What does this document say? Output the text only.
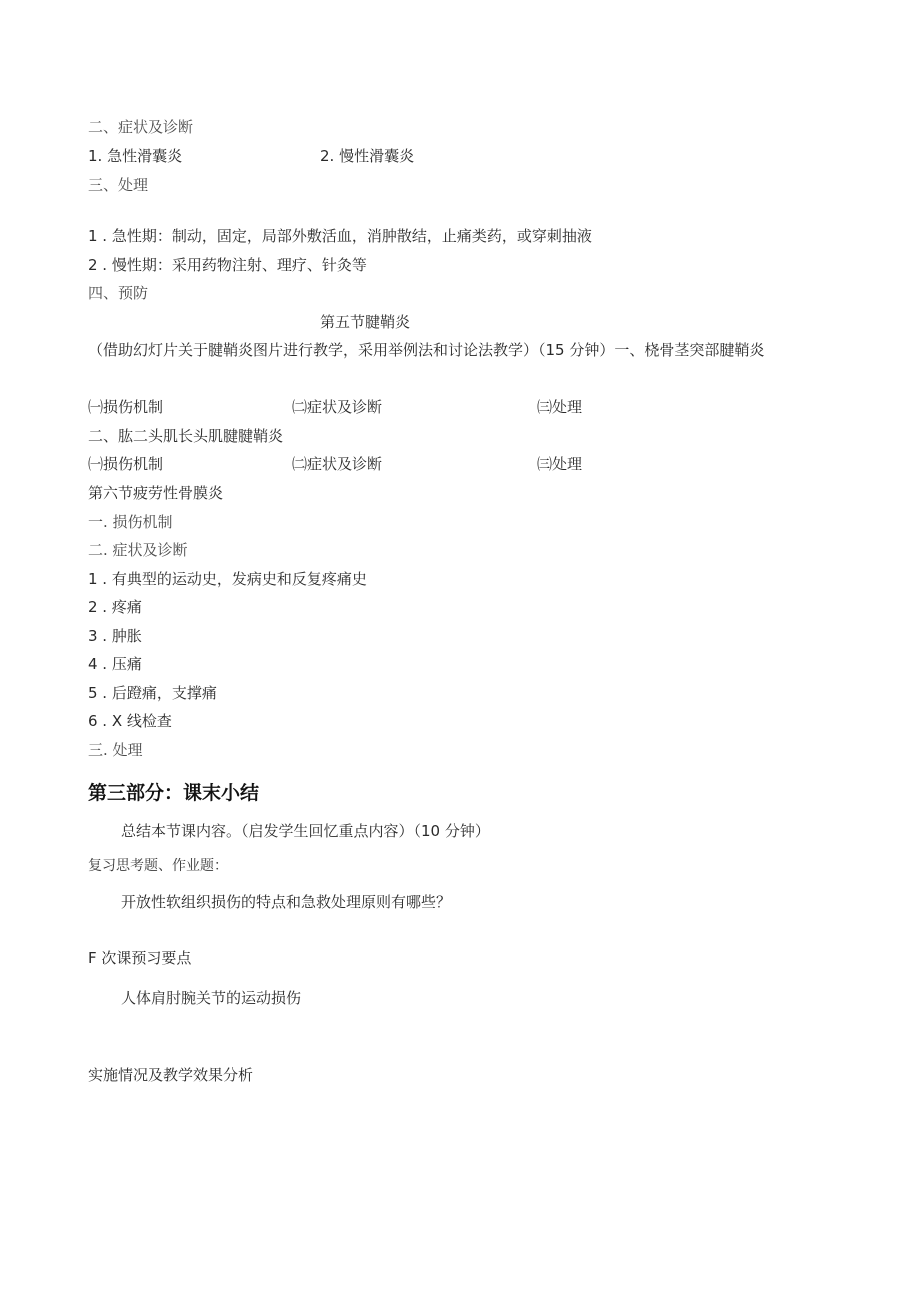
二、症状及诊断

1. 急性滑囊炎	2. 慢性滑囊炎

三、处理

1 . 急性期：制动，固定，局部外敷活血，消肿散结，止痛类药，或穿刺抽液

2 . 慢性期：采用药物注射、理疗、针灸等

四、预防

第五节腱鞘炎

（借助幻灯片关于腱鞘炎图片进行教学，采用举例法和讨论法教学）（15 分钟）一、桡骨茎突部腱鞘炎

㈠损伤机制	㈡症状及诊断	㈢处理

二、肱二头肌长头肌腱腱鞘炎

㈠损伤机制	㈡症状及诊断	㈢处理

第六节疲劳性骨膜炎

一. 损伤机制

二. 症状及诊断

1 . 有典型的运动史，发病史和反复疼痛史

2 . 疼痛

3 . 肿胀

4 . 压痛

5 . 后蹬痛，支撑痛

6 . X 线检查

三. 处理

第三部分：课末小结

总结本节课内容。（启发学生回忆重点内容）（10 分钟）

复习思考题、作业题：

开放性软组织损伤的特点和急救处理原则有哪些？

F 次课预习要点

人体肩肘腕关节的运动损伤

实施情况及教学效果分析
